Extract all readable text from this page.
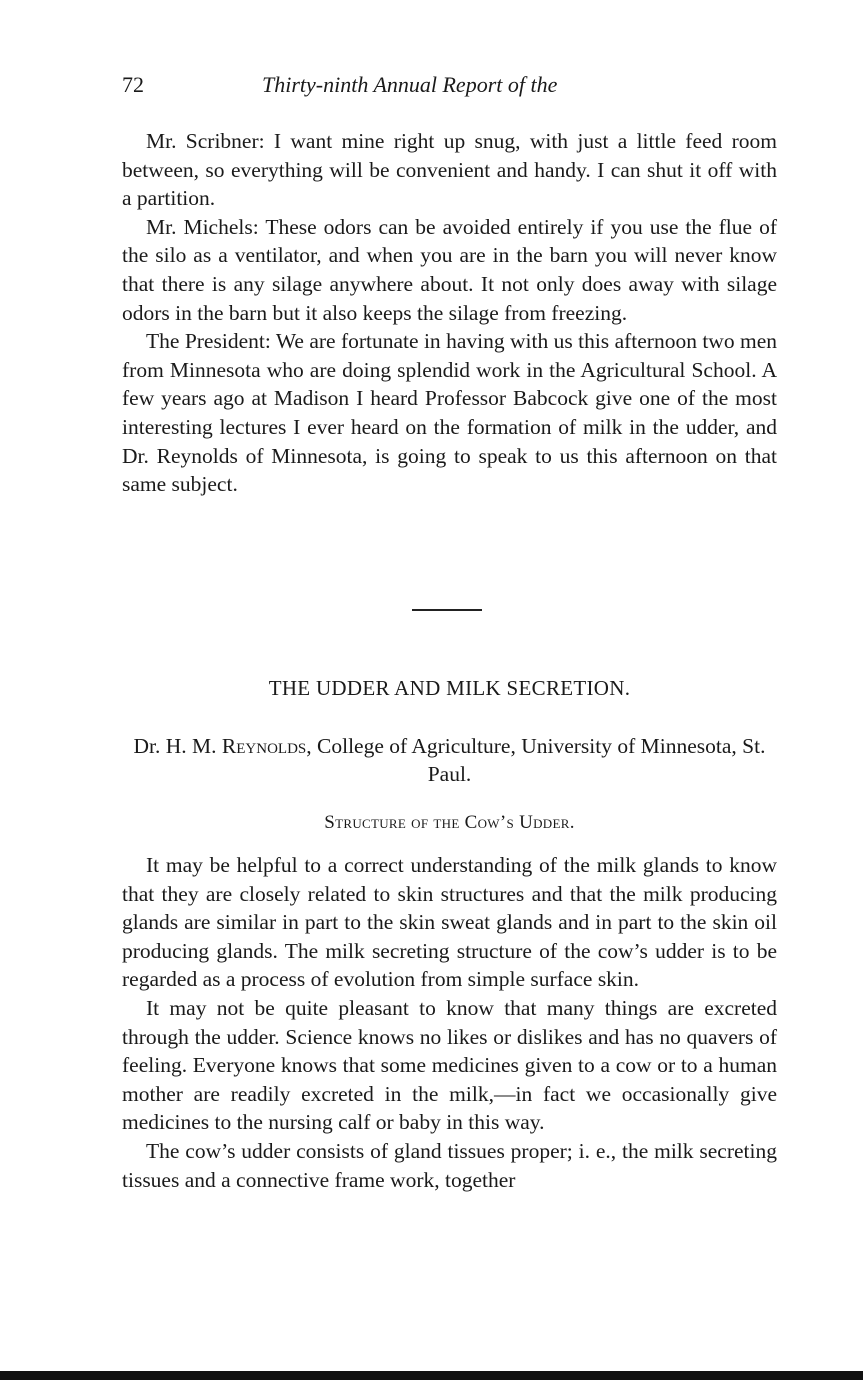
72	Thirty-ninth Annual Report of the

Mr. Scribner: I want mine right up snug, with just a little feed room between, so everything will be convenient and handy. I can shut it off with a partition.

Mr. Michels: These odors can be avoided entirely if you use the flue of the silo as a ventilator, and when you are in the barn you will never know that there is any silage anywhere about. It not only does away with silage odors in the barn but it also keeps the silage from freezing.

The President: We are fortunate in having with us this afternoon two men from Minnesota who are doing splendid work in the Agricultural School. A few years ago at Madison I heard Professor Babcock give one of the most interesting lectures I ever heard on the formation of milk in the udder, and Dr. Reynolds of Minnesota, is going to speak to us this afternoon on that same subject.

THE UDDER AND MILK SECRETION.
Dr. H. M. Reynolds, College of Agriculture, University of Minnesota, St. Paul.
Structure of the Cow’s Udder.

It may be helpful to a correct understanding of the milk glands to know that they are closely related to skin structures and that the milk producing glands are similar in part to the skin sweat glands and in part to the skin oil producing glands. The milk secreting structure of the cow’s udder is to be regarded as a process of evolution from simple surface skin.

It may not be quite pleasant to know that many things are excreted through the udder. Science knows no likes or dislikes and has no quavers of feeling. Everyone knows that some medicines given to a cow or to a human mother are readily excreted in the milk,—in fact we occasionally give medicines to the nursing calf or baby in this way.

The cow’s udder consists of gland tissues proper; i. e., the milk secreting tissues and a connective frame work, together
